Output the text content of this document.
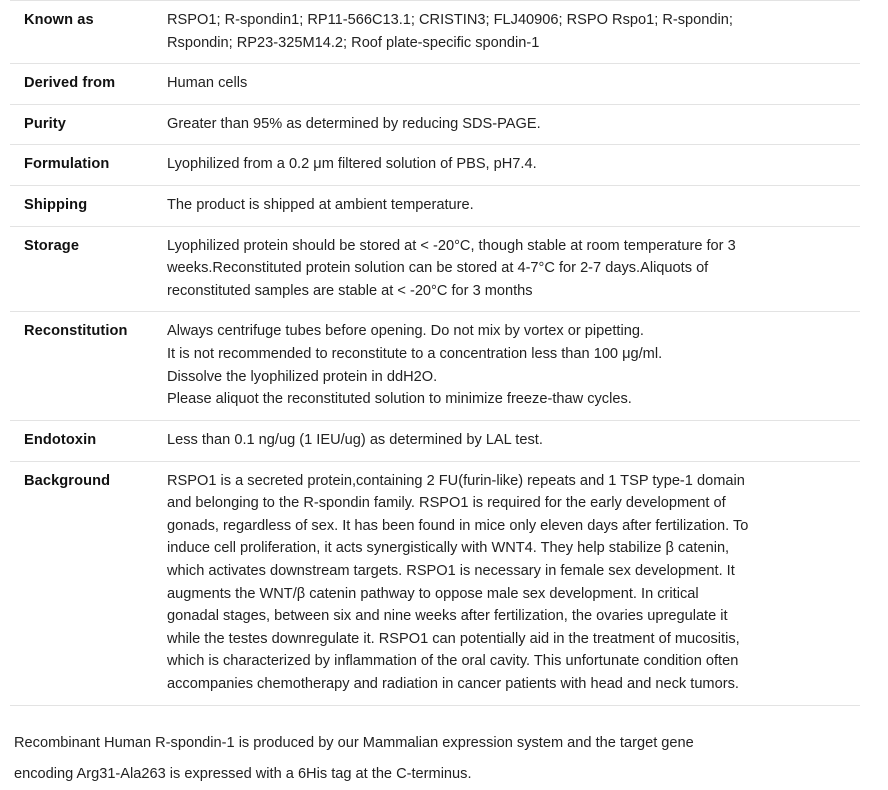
Known as	RSPO1; R-spondin1; RP11-566C13.1; CRISTIN3; FLJ40906; RSPO Rspo1; R-spondin;
Rspondin; RP23-325M14.2; Roof plate-specific spondin-1

Derived from	Human cells

Purity	Greater than 95% as determined by reducing SDS-PAGE.

Formulation	Lyophilized from a 0.2 μm filtered solution of PBS, pH7.4.

Shipping	The product is shipped at ambient temperature.

Storage	Lyophilized protein should be stored at < -20°C, though stable at room temperature for 3
weeks.Reconstituted protein solution can be stored at 4-7°C for 2-7 days.Aliquots of
reconstituted samples are stable at < -20°C for 3 months

Reconstitution	Always centrifuge tubes before opening. Do not mix by vortex or pipetting.
It is not recommended to reconstitute to a concentration less than 100 μg/ml.
Dissolve the lyophilized protein in ddH2O.
Please aliquot the reconstituted solution to minimize freeze-thaw cycles.

Endotoxin	Less than 0.1 ng/ug (1 IEU/ug) as determined by LAL test.

Background	RSPO1 is a secreted protein,containing 2 FU(furin-like) repeats and 1 TSP type-1 domain
and belonging to the R-spondin family. RSPO1 is required for the early development of
gonads, regardless of sex. It has been found in mice only eleven days after fertilization. To
induce cell proliferation, it acts synergistically with WNT4. They help stabilize β catenin,
which activates downstream targets. RSPO1 is necessary in female sex development. It
augments the WNT/β catenin pathway to oppose male sex development. In critical
gonadal stages, between six and nine weeks after fertilization, the ovaries upregulate it
while the testes downregulate it. RSPO1 can potentially aid in the treatment of mucositis,
which is characterized by inflammation of the oral cavity. This unfortunate condition often
accompanies chemotherapy and radiation in cancer patients with head and neck tumors.
Recombinant Human R-spondin-1 is produced by our Mammalian expression system and the target gene
encoding Arg31-Ala263 is expressed with a 6His tag at the C-terminus.
